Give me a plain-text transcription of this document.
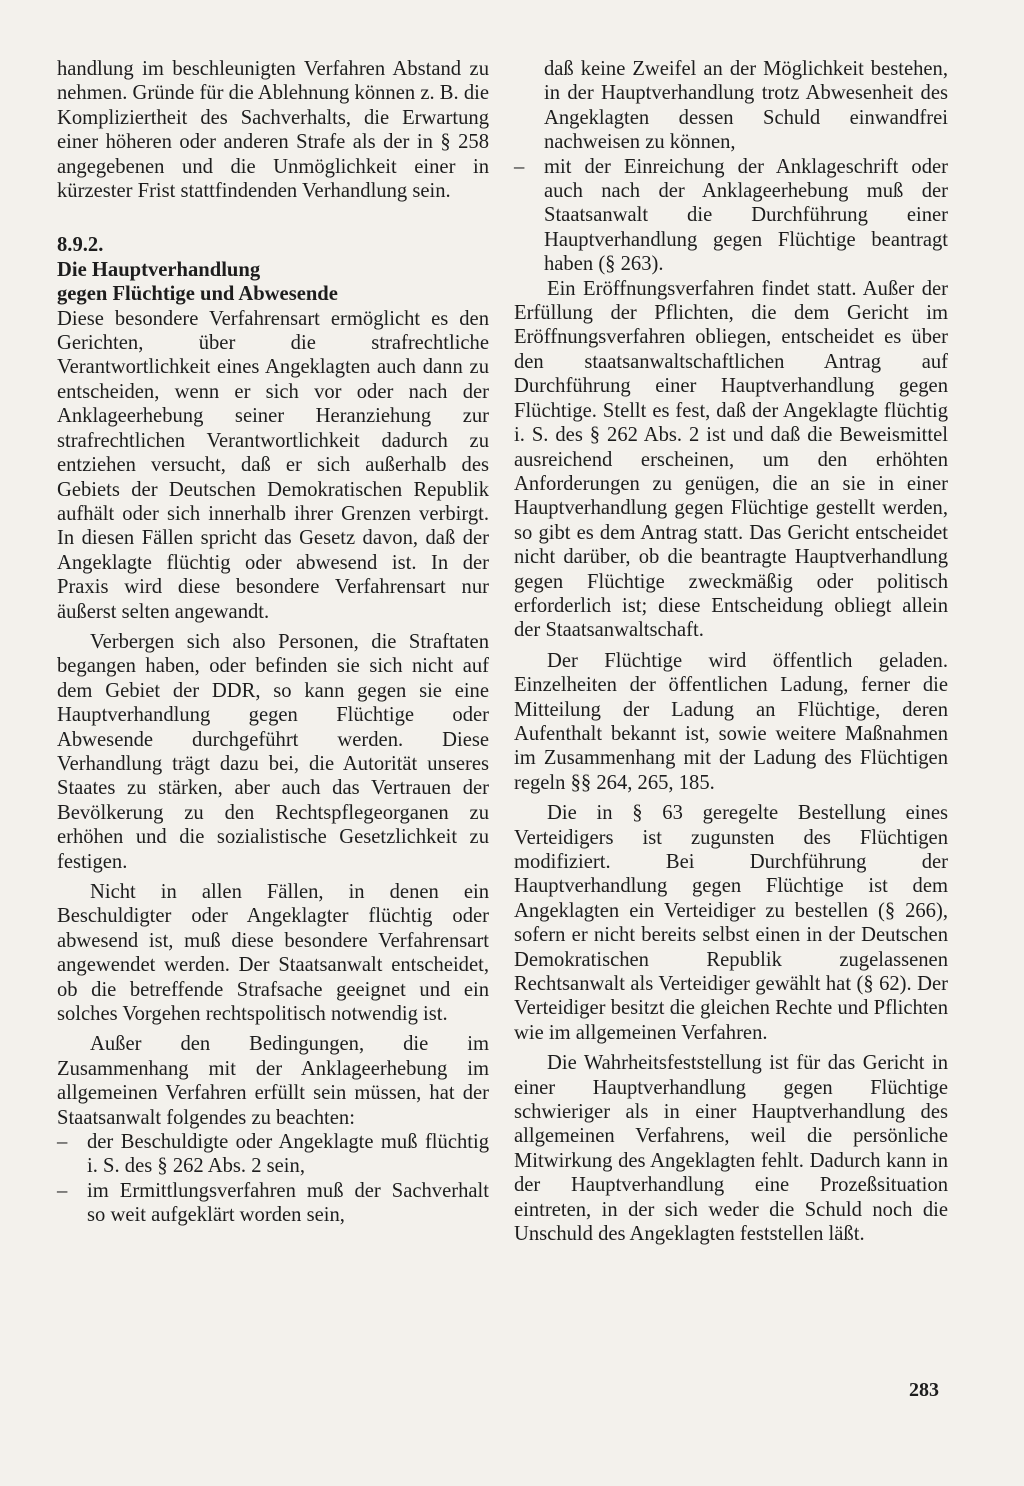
handlung im beschleunigten Verfahren Abstand zu nehmen. Gründe für die Ablehnung können z. B. die Kompliziertheit des Sachverhalts, die Erwartung einer höheren oder anderen Strafe als der in § 258 angegebenen und die Unmöglichkeit einer in kürzester Frist stattfindenden Verhandlung sein.

8.9.2.
Die Hauptverhandlung
gegen Flüchtige und Abwesende

Diese besondere Verfahrensart ermöglicht es den Gerichten, über die strafrechtliche Verantwortlichkeit eines Angeklagten auch dann zu entscheiden, wenn er sich vor oder nach der Anklageerhebung seiner Heranziehung zur strafrechtlichen Verantwortlichkeit dadurch zu entziehen versucht, daß er sich außerhalb des Gebiets der Deutschen Demokratischen Republik aufhält oder sich innerhalb ihrer Grenzen verbirgt. In diesen Fällen spricht das Gesetz davon, daß der Angeklagte flüchtig oder abwesend ist. In der Praxis wird diese besondere Verfahrensart nur äußerst selten angewandt.

Verbergen sich also Personen, die Straftaten begangen haben, oder befinden sie sich nicht auf dem Gebiet der DDR, so kann gegen sie eine Hauptverhandlung gegen Flüchtige oder Abwesende durchgeführt werden. Diese Verhandlung trägt dazu bei, die Autorität unseres Staates zu stärken, aber auch das Vertrauen der Bevölkerung zu den Rechtspflegeorganen zu erhöhen und die sozialistische Gesetzlichkeit zu festigen.

Nicht in allen Fällen, in denen ein Beschuldigter oder Angeklagter flüchtig oder abwesend ist, muß diese besondere Verfahrensart angewendet werden. Der Staatsanwalt entscheidet, ob die betreffende Strafsache geeignet und ein solches Vorgehen rechtspolitisch notwendig ist.

Außer den Bedingungen, die im Zusammenhang mit der Anklageerhebung im allgemeinen Verfahren erfüllt sein müssen, hat der Staatsanwalt folgendes zu beachten:

– der Beschuldigte oder Angeklagte muß flüchtig i. S. des § 262 Abs. 2 sein,
– im Ermittlungsverfahren muß der Sachverhalt so weit aufgeklärt worden sein,
daß keine Zweifel an der Möglichkeit bestehen, in der Hauptverhandlung trotz Abwesenheit des Angeklagten dessen Schuld einwandfrei nachweisen zu können,
– mit der Einreichung der Anklageschrift oder auch nach der Anklageerhebung muß der Staatsanwalt die Durchführung einer Hauptverhandlung gegen Flüchtige beantragt haben (§ 263).

Ein Eröffnungsverfahren findet statt. Außer der Erfüllung der Pflichten, die dem Gericht im Eröffnungsverfahren obliegen, entscheidet es über den staatsanwaltschaftlichen Antrag auf Durchführung einer Hauptverhandlung gegen Flüchtige. Stellt es fest, daß der Angeklagte flüchtig i. S. des § 262 Abs. 2 ist und daß die Beweismittel ausreichend erscheinen, um den erhöhten Anforderungen zu genügen, die an sie in einer Hauptverhandlung gegen Flüchtige gestellt werden, so gibt es dem Antrag statt. Das Gericht entscheidet nicht darüber, ob die beantragte Hauptverhandlung gegen Flüchtige zweckmäßig oder politisch erforderlich ist; diese Entscheidung obliegt allein der Staatsanwaltschaft.

Der Flüchtige wird öffentlich geladen. Einzelheiten der öffentlichen Ladung, ferner die Mitteilung der Ladung an Flüchtige, deren Aufenthalt bekannt ist, sowie weitere Maßnahmen im Zusammenhang mit der Ladung des Flüchtigen regeln §§ 264, 265, 185.

Die in § 63 geregelte Bestellung eines Verteidigers ist zugunsten des Flüchtigen modifiziert. Bei Durchführung der Hauptverhandlung gegen Flüchtige ist dem Angeklagten ein Verteidiger zu bestellen (§ 266), sofern er nicht bereits selbst einen in der Deutschen Demokratischen Republik zugelassenen Rechtsanwalt als Verteidiger gewählt hat (§ 62). Der Verteidiger besitzt die gleichen Rechte und Pflichten wie im allgemeinen Verfahren.

Die Wahrheitsfeststellung ist für das Gericht in einer Hauptverhandlung gegen Flüchtige schwieriger als in einer Hauptverhandlung des allgemeinen Verfahrens, weil die persönliche Mitwirkung des Angeklagten fehlt. Dadurch kann in der Hauptverhandlung eine Prozeßsituation eintreten, in der sich weder die Schuld noch die Unschuld des Angeklagten feststellen läßt.

283
